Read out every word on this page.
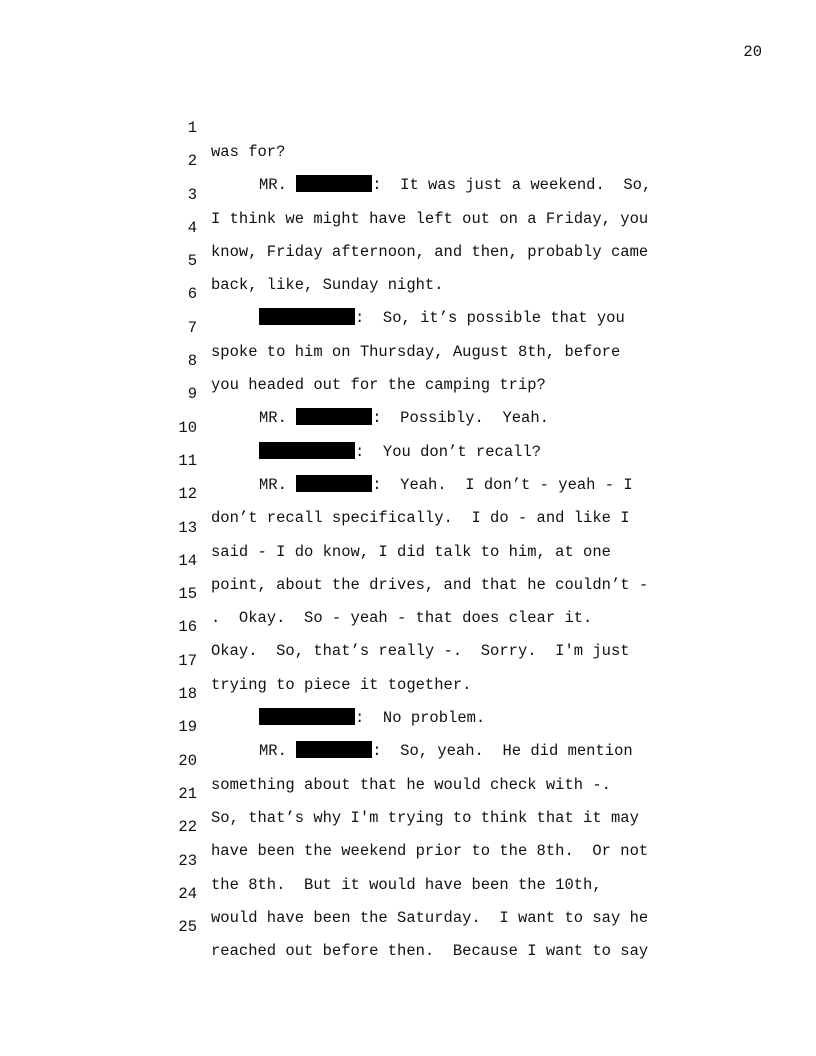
20

1

was for?

2

MR.	: It was just a weekend.  So,

3

I think we might have left out on a Friday, you

4

know, Friday afternoon, and then, probably came

5

back, like, Sunday night.

6

: So, it’s possible that you

7

spoke to him on Thursday, August 8th, before

8

you headed out for the camping trip?

9

MR.	: Possibly.  Yeah.

10

: You don’t recall?

11

MR.	: Yeah.  I don’t - yeah - I

12

don’t recall specifically.  I do - and like I

13

said - I do know, I did talk to him, at one

14

point, about the drives, and that he couldn’t -

15

.  Okay.  So - yeah - that does clear it.

16

Okay.  So, that’s really -.  Sorry.  I'm just

17

trying to piece it together.

18

: No problem.

19

MR.	: So, yeah.  He did mention

20

something about that he would check with -.

21

So, that’s why I'm trying to think that it may

22

have been the weekend prior to the 8th.  Or not

23

the 8th.  But it would have been the 10th,

24

would have been the Saturday.  I want to say he

25

reached out before then.  Because I want to say
